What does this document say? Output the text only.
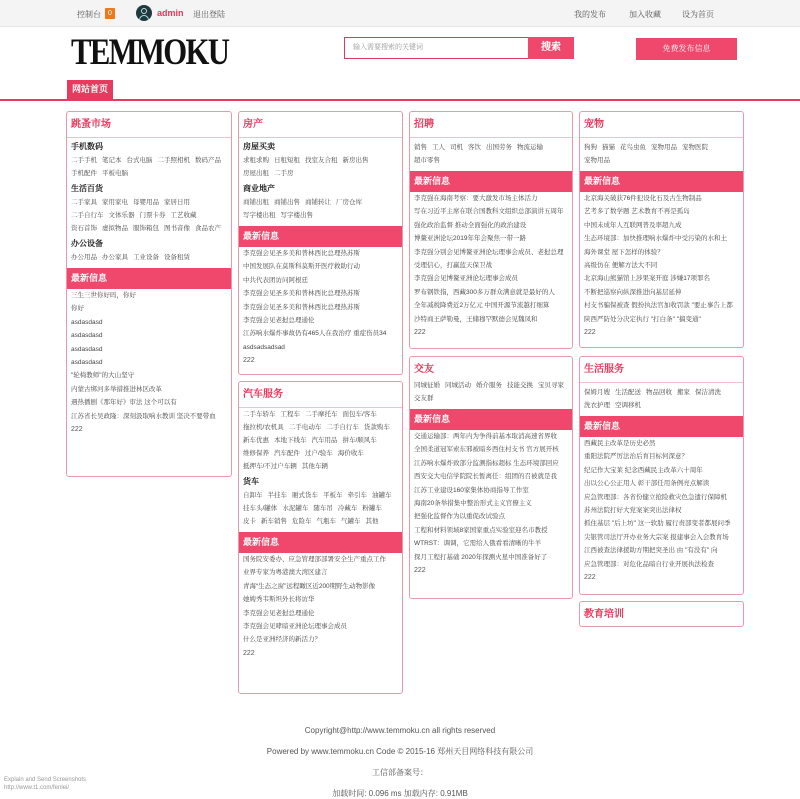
控制台	0	admin 退出登陆	我的发布	加入收藏	设为首页
TEMMOKU	输入需要搜索的关键词	搜索	免费发布信息
网站首页
跳蚤市场
手机数码
二手手机 笔记本 台式电脑 二手照相机 数码产品手机配件 平板电脑
生活百货
二手家具 家用家电 母婴用品 家居日用二手自行车 文体乐器 门票卡券 工艺收藏资石首饰 虚拟物品 服饰箱包 图书音像 食品农产
办公设备
办公用品 办公家具 工业设备 设备租赁
最新信息
三生三世你好吗，你好
你好
asdasdasd
asdasdasd
asdasdasd
asdasdasd
"轮椅教师"的大山坚守
内蒙古绑河多举措推进林区改革
遇热播剧《那年好》审法 这个可以有
江苏省长吴政隆：深刻汲取响水教训 坚决不要带血
222
房产
房屋买卖
求租求购 日租短租 找室友合租 新房出售房屋出租 二手房
商业地产
商铺出租 商铺出售 商铺转让 厂房仓库写字楼出租 写字楼出售
最新信息
李克强会见圣多美和普林西比总理热苏斯
中国发展队在莫斯科莫斯开医疗救助行动
中共代表团访问阿根廷
李克强会见圣多美和普林西比总理热苏斯
李克强会见圣多美和普林西比总理热苏斯
李克强会见老挝总理通伦
江苏响水爆炸事故仍有465人在我治疗 重症伤员34
asdsadsadsad
222
汽车服务
二手车轿车 工程车 二手摩托车 面包车/客车拖拉机/农机具 二手电动车 二手自行车 货款购车新车优惠 本地下线车 汽车用品 拼车/顺风车维修保养 汽车配件 过户/验车 海价收车抵押车/不过户车辆 其他车辆
货车
自卸车 半挂车 厢式货车 平板车 牵引车 油罐车挂车头/罐体 水泥罐车 随车吊 冷藏车 粉罐车皮卡 新车销售 危险车 气瓶车 气罐车 其他
最新信息
国务院安委办、应急管理部部署安全生产重点工作
业界专家为粤港澳大湾区建言
青海“生态之窗”远程瞰区近200期野生动物影像
她娉秀韦斯坦外长将访华
李克强会见老挝总理通伦
李克强会见哮暗亚洲论坛理事会成员
什么是亚洲经济的新活力？
222
招聘
销售 工人 司机 客饮 出国劳务 物流运输超市零售
最新信息
李克强在海南考察：要大激发市场主体活力
写在习近平主席在联合国教科文组织总部演讲五周年
强化政治监督 推动全面强化的政治建设
博鳌亚洲论坛2019年年会聚焦一带一路
李克强分别会见博鳌亚洲论坛理事会成员、老挝总理
受理信心，打赢蓝天保卫战
李克强会见博鳌亚洲论坛理事会成员
罗布钢铁指，西藏300多万群众满意就是最好的人
全年减税降费近2万亿元 中国开源节流越打细算
沙特商王萨勒曼，王储穆罕默德会见魏凤和
222
交友
同城征婚 同城活动 婚介服务 技能交换 宝贝寻家交友群
最新信息
交通运输部：两年内为争得前基本取消高速省界收
全国柔道冠军索东邪被暗乡西住村支书 官方展开核
江苏响水爆炸致部分监测指标超标 生态环境部回应
西安交大电信学院院长暂离任：组团的召被就是我
江苏工业建设160家集体协商指导工作室
海南20条举措集中整治形式主义官僚主义
把强化监督作为以重促改试验点
工程和材料领域8家国家重点实验室迎名市教授
WTRST：调调，它需给人俄看看清晰的牛羊
探月工程打基础 2020年探测火星中国准备好了
222
宠物
狗狗 猫猫 花鸟虫鱼 宠物用品 宠物医院宠物用品
最新信息
北京海关破获76件犯设化石及古生物制品
艺考多了数学题 艺术教育不再是孤岛
中国未成年人互联网普及率超九成
生态环境部：加快推理响水爆炸中受污染的水和土
海外课堂 屋下怎样的体验？
高级仿在 便解方法大不同
北京海山熊猫馆上涉果案开庭 涉嫌17项罪名
不断把巡察向纵深推进向基层延伸
村支书骗保被查 假扮执法官加收罚款 "要止事告上都
陕西严防处分决定执行 "打白条" "搞变通"
222
生活服务
保姆月嫂 生活配送 物品回收 搬家 保洁清洗洗衣护理 空调移机
最新信息
西藏民主改革是历史必然
重阳法院严厉法治后育目标何深意？
纪记作大宝莱 纪念西藏民主改革六十周年
出以公心公正用人 彰干部任用条例亮点解读
应急管理部：各省份健立抢险救灾色急遗行保障机
苏州法院打好大党案案突出法律权
抓住基层 "后上坊" 这一软肋 履行责部变者都展问季
尖银管司法厅开办业务大宗案 报建事会入会教育场
江西被查法律援助方期把突圣出 由 "有没有" 向
应急管理部：对危化品暗自行业开展执法检查
222
教育培训
Copyright@http://www.temmoku.cn all rights reserved
Powered by www.temmoku.cn Code © 2015-16 郑州天目网络科技有限公司
工信部备案号：
加载时间: 0.096 ms 加载内存: 0.91MB
Explain and Send Screenshots
http://www.t1.com/fenlei/
